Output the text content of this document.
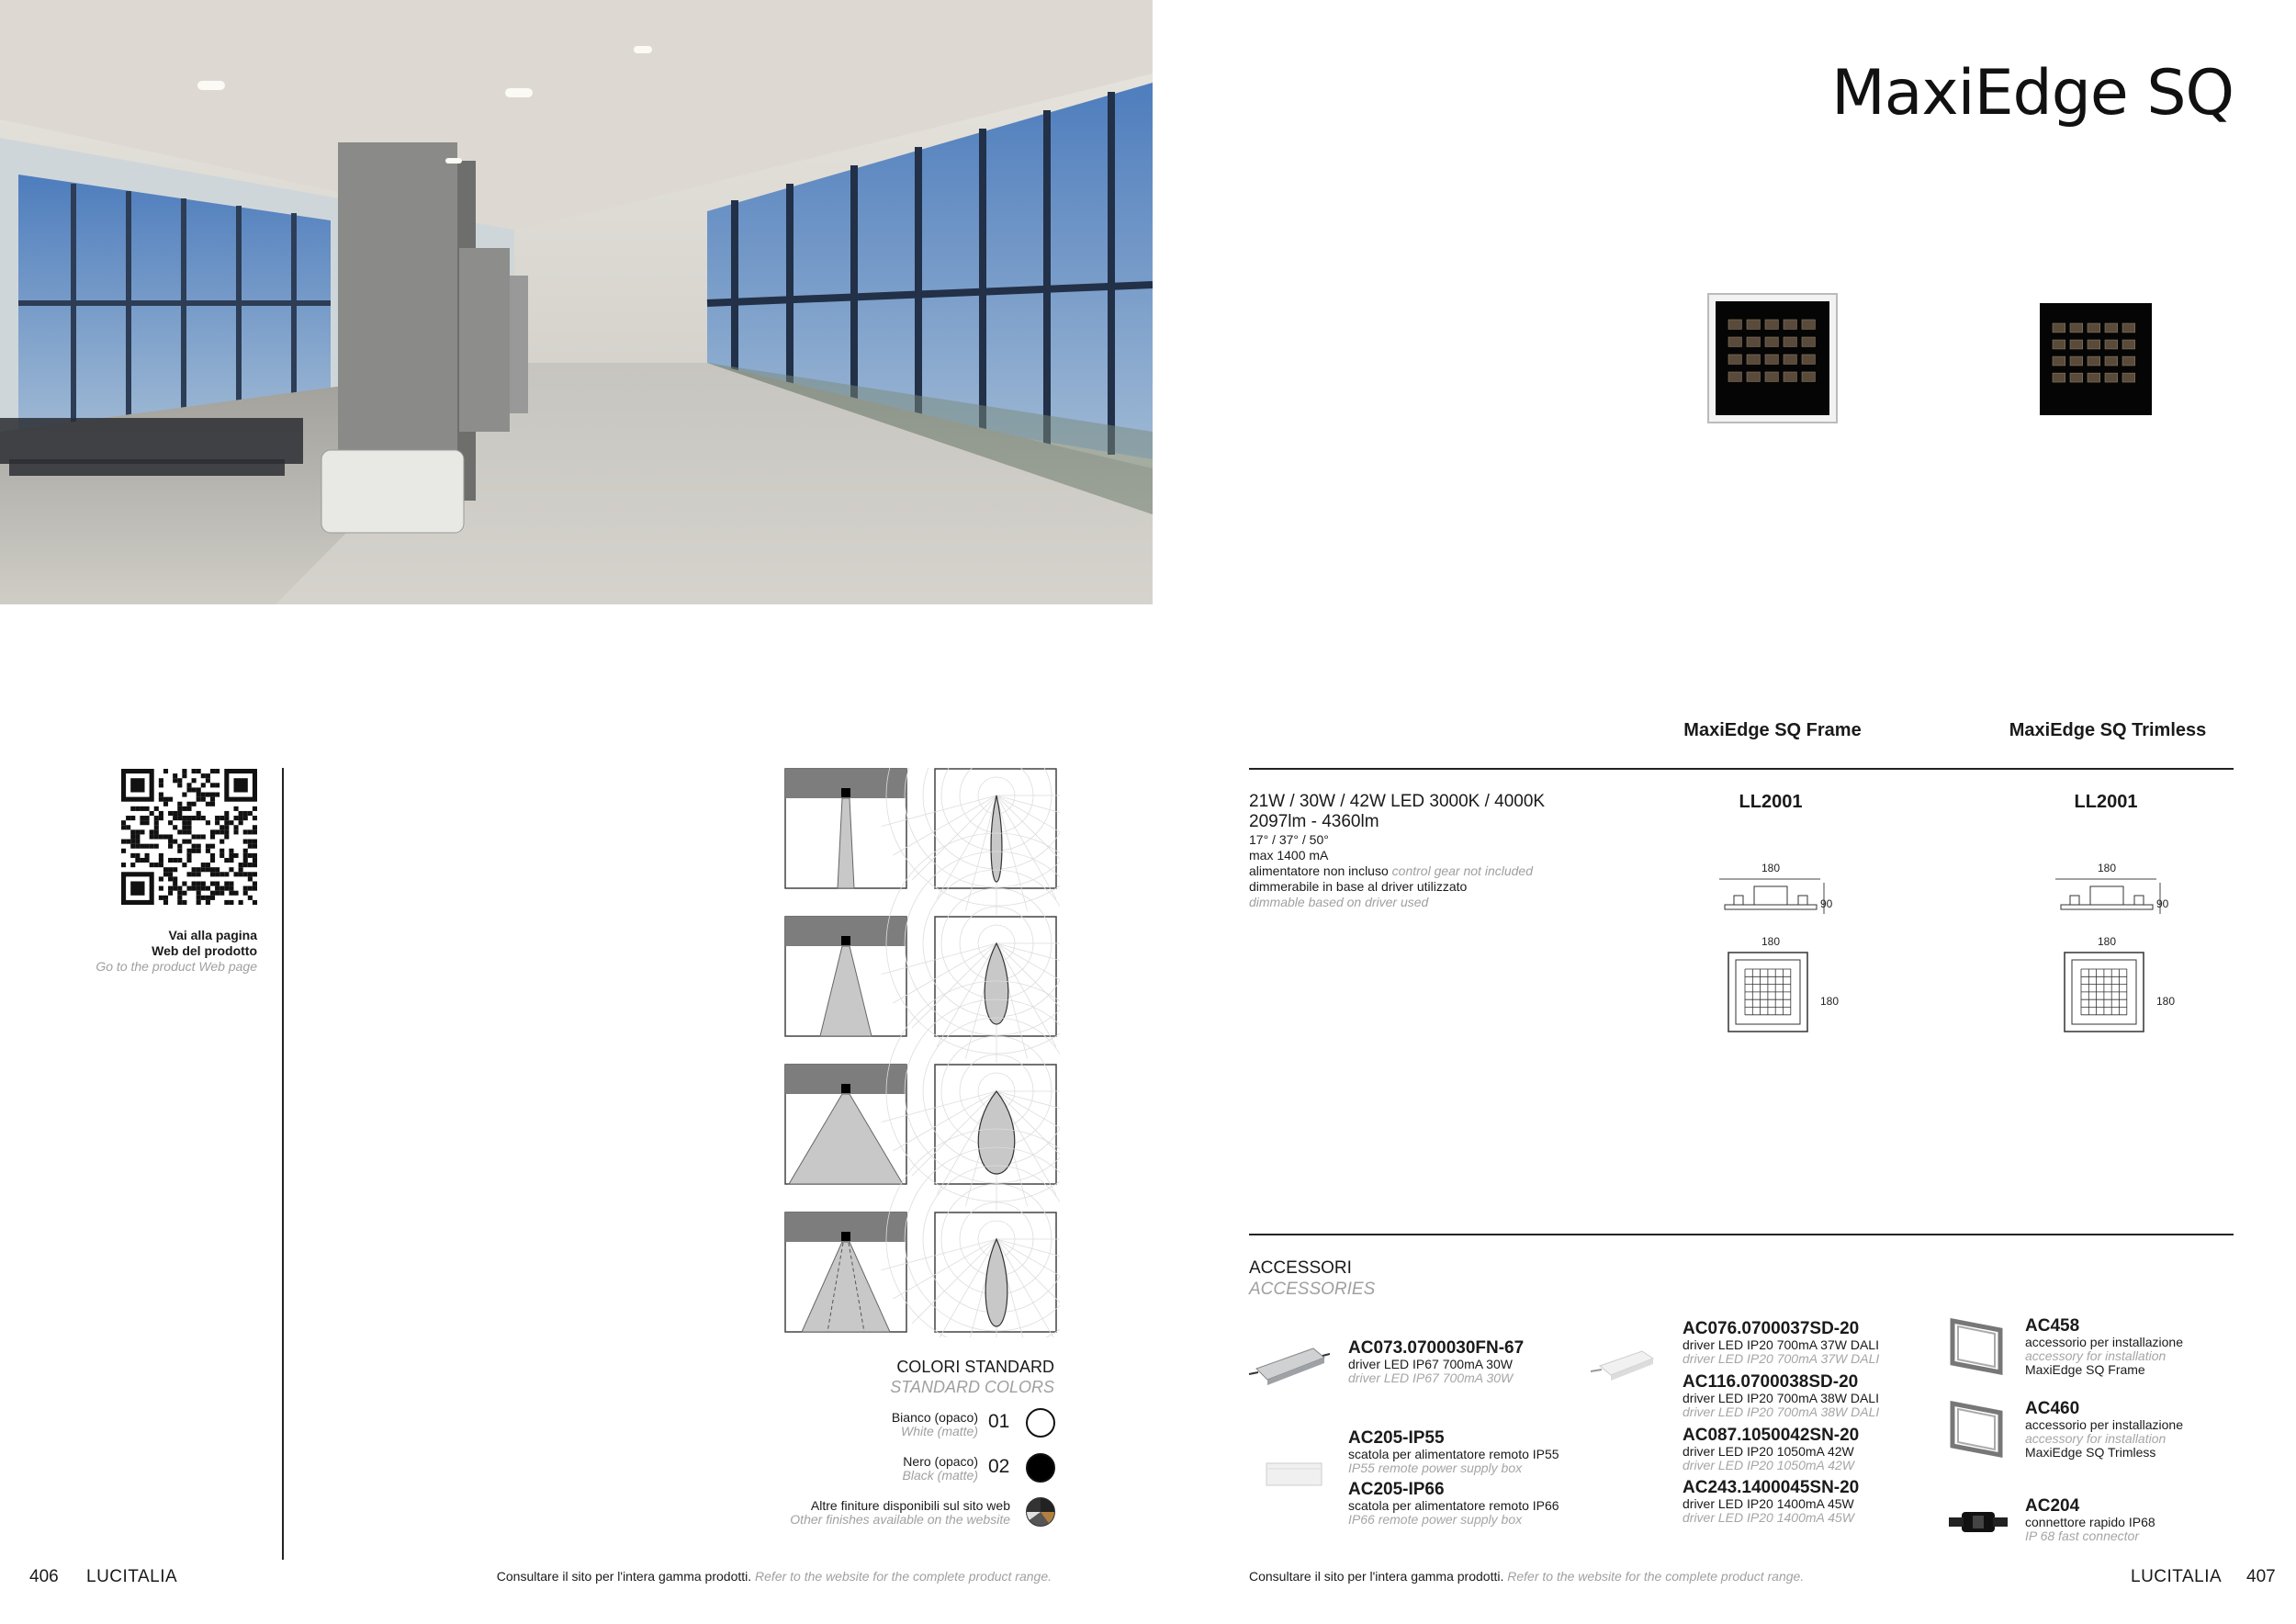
MaxiEdge SQ
MaxiEdge SQ Frame	MaxiEdge SQ Trimless
21W / 30W / 42W LED 3000K / 4000K
2097lm - 4360lm
17° / 37° / 50°
max 1400 mA
alimentatore non incluso control gear not included
dimmerabile in base al driver utilizzato
dimmable based on driver used
LL2001	LL2001
180
90
180
180
180
90
180
180
ACCESSORI
ACCESSORIES
AC073.0700030FN-67
driver LED IP67 700mA 30W
driver LED IP67 700mA 30W
AC205-IP55
scatola per alimentatore remoto IP55
IP55 remote power supply box
AC205-IP66
scatola per alimentatore remoto IP66
IP66 remote power supply box
AC076.0700037SD-20
driver LED IP20 700mA 37W DALI
driver LED IP20 700mA 37W DALI
AC116.0700038SD-20
driver LED IP20 700mA 38W DALI
driver LED IP20 700mA 38W DALI
AC087.1050042SN-20
driver LED IP20 1050mA 42W
driver LED IP20 1050mA 42W
AC243.1400045SN-20
driver LED IP20 1400mA 45W
driver LED IP20 1400mA 45W
AC458
accessorio per installazione
accessory for installation
MaxiEdge SQ Frame
AC460
accessorio per installazione
accessory for installation
MaxiEdge SQ Trimless
AC204
connettore rapido IP68
IP 68 fast connector
Vai alla pagina
Web del prodotto
Go to the product Web page
COLORI STANDARD
STANDARD COLORS
Bianco (opaco)
White (matte) 01
Nero (opaco)
Black (matte) 02
Altre finiture disponibili sul sito web
Other finishes available on the website
406 LUCITALIA	Consultare il sito per l'intera gamma prodotti. Refer to the website for the complete product range.	Consultare il sito per l'intera gamma prodotti. Refer to the website for the complete product range.	LUCITALIA 407
